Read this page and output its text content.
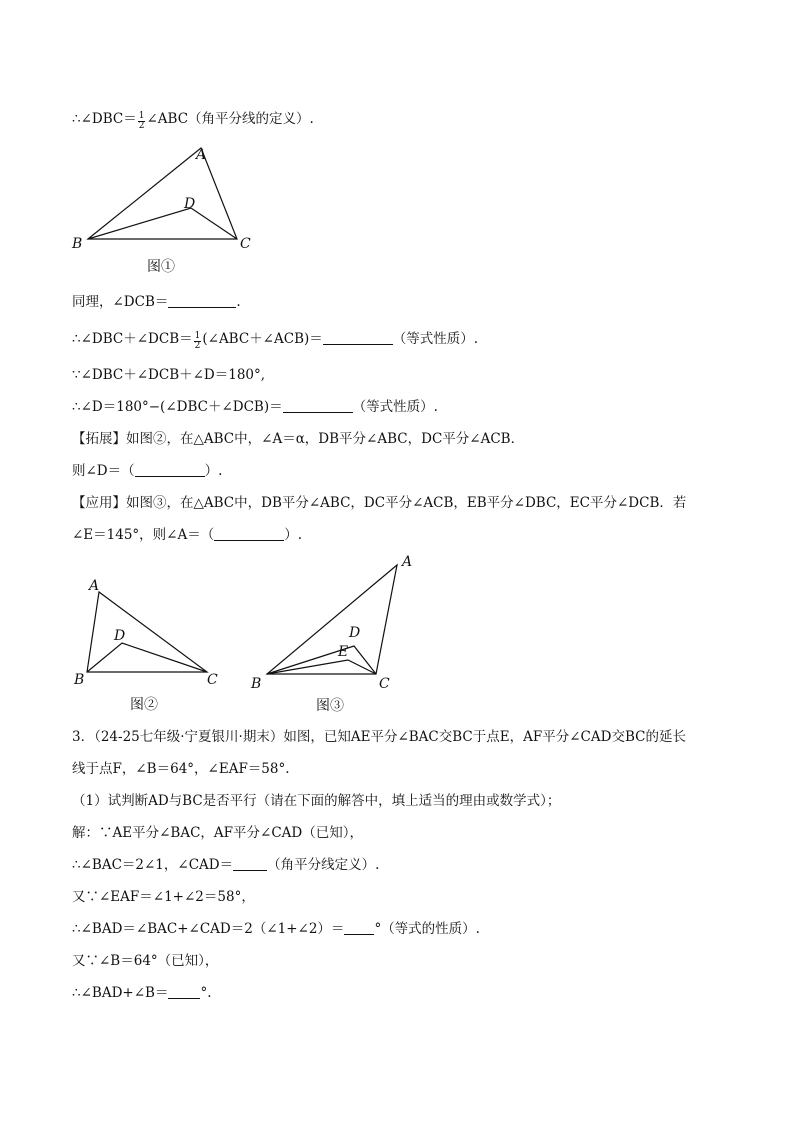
∴∠DBC＝ $\frac{1}{2}$ ∠ABC（角平分线的定义）.
A
D
B	C
图①
同理，∠DCB＝	.
∴∠DBC＋∠DCB＝ $\frac{1}{2}$ (∠ABC＋∠ACB)＝	（等式性质）.
∵∠DBC＋∠DCB＋∠D＝180°,
∴∠D＝180°−(∠DBC＋∠DCB)＝	（等式性质）.
【拓展】如图②，在△ABC中，∠A＝α，DB平分∠ABC，DC平分∠ACB．
则∠D＝（	）.
【应用】如图③，在△ABC中，DB平分∠ABC，DC平分∠ACB，EB平分∠DBC，EC平分∠DCB．若
∠E＝145°，则∠A＝（	）.
A
D
B	C
图②
A
D
E
B	C
图③
3．（24-25七年级·宁夏银川·期末）如图，已知AE平分∠BAC交BC于点E，AF平分∠CAD交BC的延长
线于点F，∠B＝64°，∠EAF＝58°.
（1）试判断AD与BC是否平行（请在下面的解答中，填上适当的理由或数学式）；
解：∵AE平分∠BAC，AF平分∠CAD（已知），
∴∠BAC＝2∠1，∠CAD＝	（角平分线定义）.
又∵∠EAF＝∠1+∠2＝58°，
∴∠BAD＝∠BAC+∠CAD＝2（∠1+∠2）＝ °（等式的性质）.
又∵∠B＝64°（已知），
∴∠BAD+∠B＝ °.
